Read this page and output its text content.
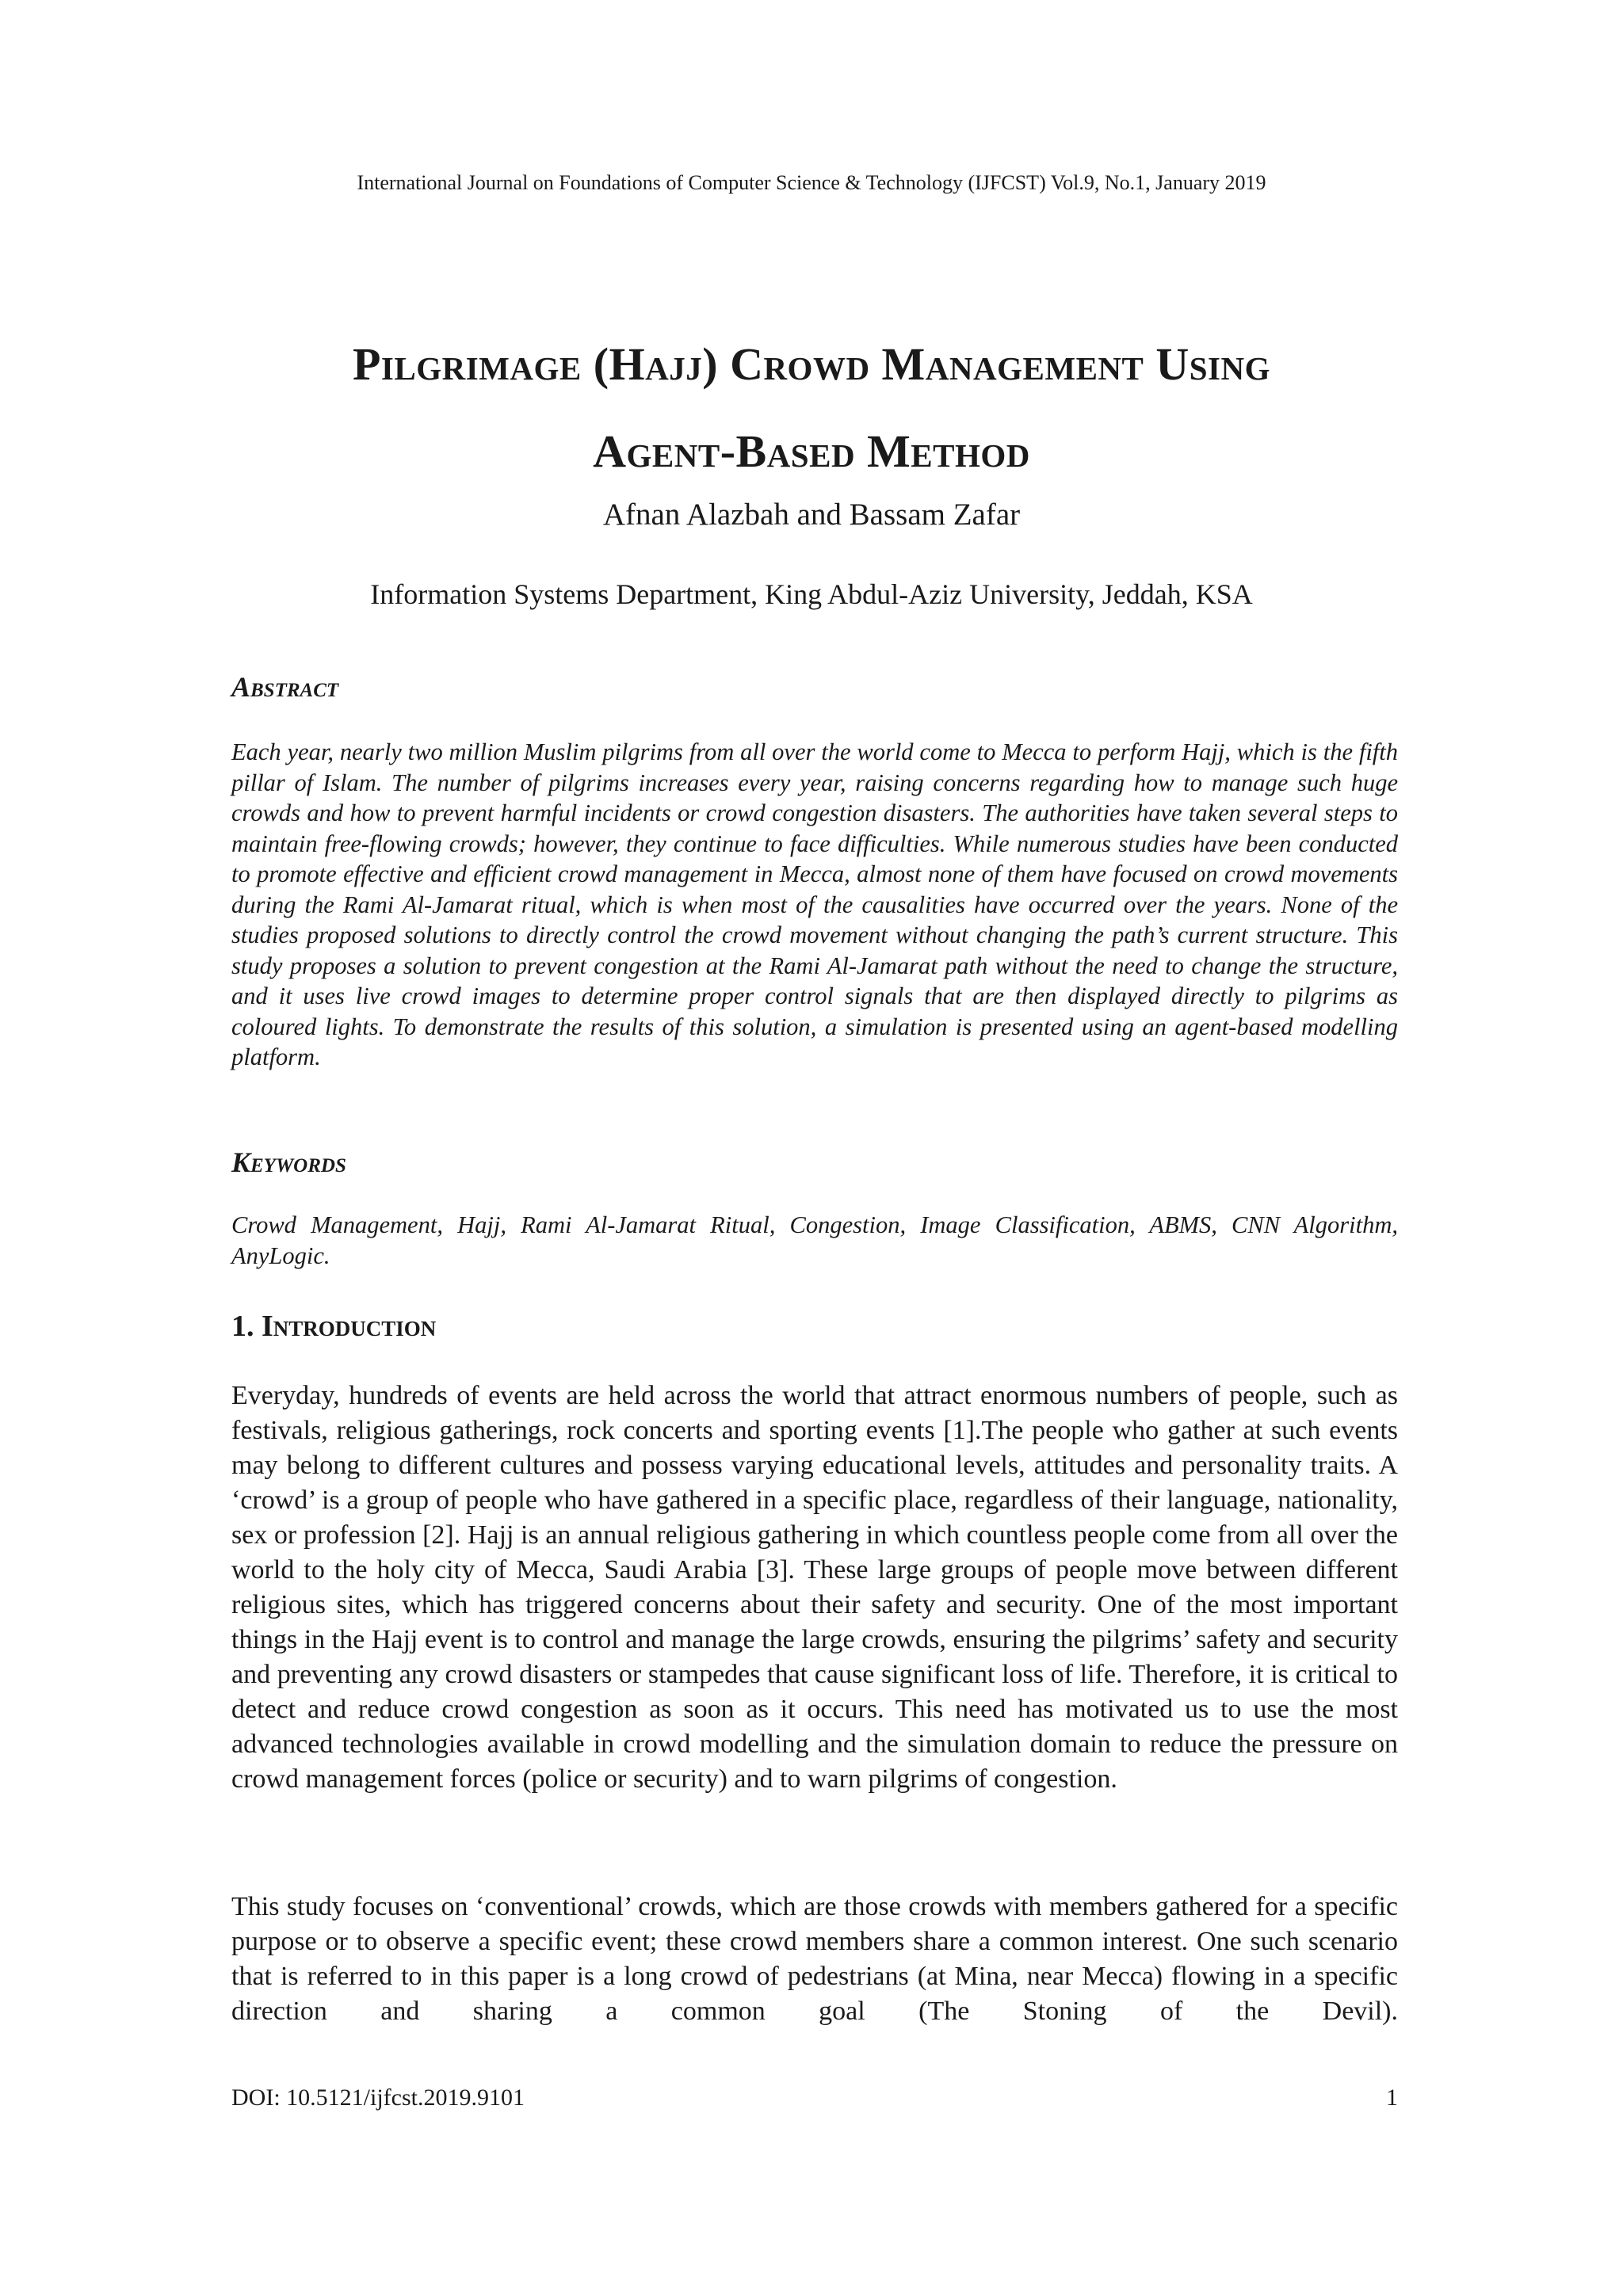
International Journal on Foundations of Computer Science & Technology (IJFCST) Vol.9, No.1, January 2019
Pilgrimage (Hajj) Crowd Management Using
Agent-Based Method
Afnan Alazbah and Bassam Zafar
Information Systems Department, King Abdul-Aziz University, Jeddah, KSA
Abstract
Each year, nearly two million Muslim pilgrims from all over the world come to Mecca to perform Hajj, which is the fifth pillar of Islam. The number of pilgrims increases every year, raising concerns regarding how to manage such huge crowds and how to prevent harmful incidents or crowd congestion disasters. The authorities have taken several steps to maintain free-flowing crowds; however, they continue to face difficulties. While numerous studies have been conducted to promote effective and efficient crowd management in Mecca, almost none of them have focused on crowd movements during the Rami Al-Jamarat ritual, which is when most of the causalities have occurred over the years. None of the studies proposed solutions to directly control the crowd movement without changing the path’s current structure. This study proposes a solution to prevent congestion at the Rami Al-Jamarat path without the need to change the structure, and it uses live crowd images to determine proper control signals that are then displayed directly to pilgrims as coloured lights. To demonstrate the results of this solution, a simulation is presented using an agent-based modelling platform.
Keywords
Crowd Management, Hajj, Rami Al-Jamarat Ritual, Congestion, Image Classification, ABMS, CNN Algorithm, AnyLogic.
1. Introduction
Everyday, hundreds of events are held across the world that attract enormous numbers of people, such as festivals, religious gatherings, rock concerts and sporting events [1].The people who gather at such events may belong to different cultures and possess varying educational levels, attitudes and personality traits. A ‘crowd’ is a group of people who have gathered in a specific place, regardless of their language, nationality, sex or profession [2]. Hajj is an annual religious gathering in which countless people come from all over the world to the holy city of Mecca, Saudi Arabia [3]. These large groups of people move between different religious sites, which has triggered concerns about their safety and security. One of the most important things in the Hajj event is to control and manage the large crowds, ensuring the pilgrims’ safety and security and preventing any crowd disasters or stampedes that cause significant loss of life. Therefore, it is critical to detect and reduce crowd congestion as soon as it occurs. This need has motivated us to use the most advanced technologies available in crowd modelling and the simulation domain to reduce the pressure on crowd management forces (police or security) and to warn pilgrims of congestion.
This study focuses on ‘conventional’ crowds, which are those crowds with members gathered for a specific purpose or to observe a specific event; these crowd members share a common interest. One such scenario that is referred to in this paper is a long crowd of pedestrians (at Mina, near Mecca) flowing in a specific direction and sharing a common goal (The Stoning of the Devil).
DOI: 10.5121/ijfcst.2019.9101	1
